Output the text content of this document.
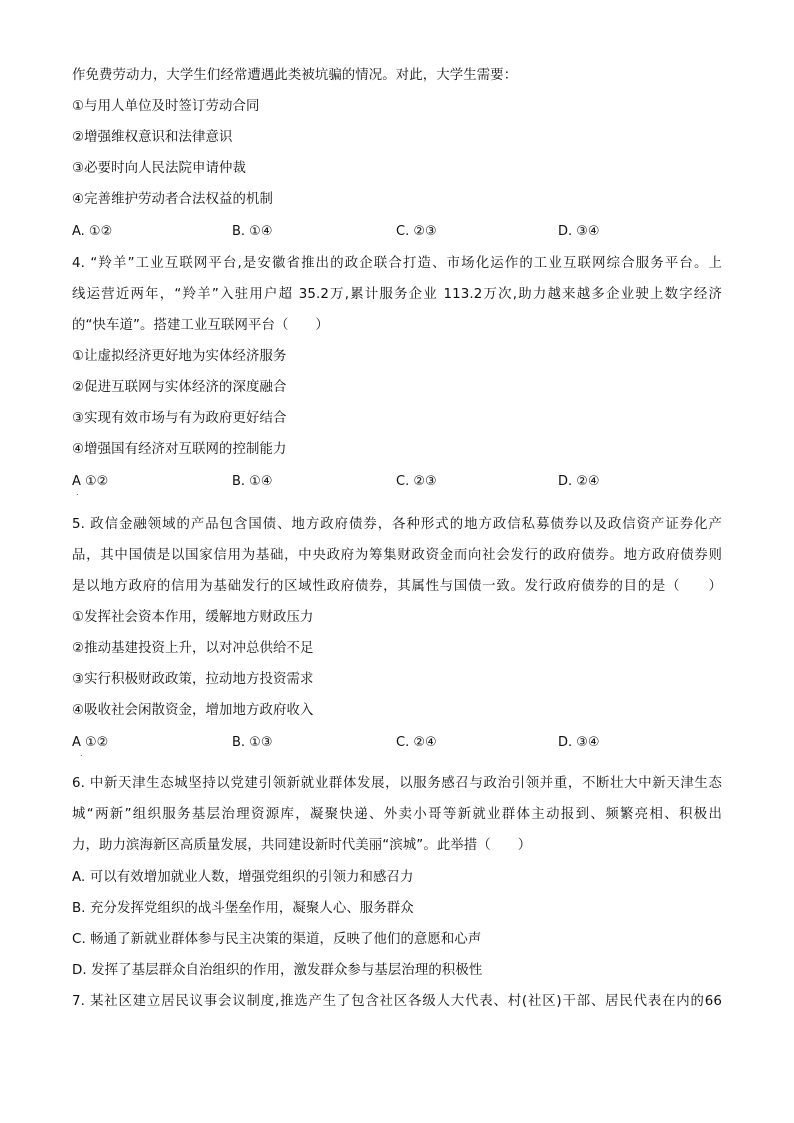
作免费劳动力，大学生们经常遭遇此类被坑骗的情况。对此，大学生需要：
①与用人单位及时签订劳动合同
②增强维权意识和法律意识
③必要时向人民法院申请仲裁
④完善维护劳动者合法权益的机制
A. ①②	B. ①④	C. ②③	D. ③④
4. “羚羊”工业互联网平台,是安徽省推出的政企联合打造、市场化运作的工业互联网综合服务平台。上
线运营近两年，“羚羊”入驻用户超 35.2万,累计服务企业 113.2万次,助力越来越多企业驶上数字经济
的“快车道”。搭建工业互联网平台（　　）
①让虚拟经济更好地为实体经济服务
②促进互联网与实体经济的深度融合
③实现有效市场与有为政府更好结合
④增强国有经济对互联网的控制能力
A ①②	B. ①④	C. ②③	D. ②④
.
5. 政信金融领域的产品包含国债、地方政府债券，各种形式的地方政信私募债券以及政信资产证券化产
品，其中国债是以国家信用为基础，中央政府为筹集财政资金而向社会发行的政府债券。地方政府债券则
是以地方政府的信用为基础发行的区域性政府债券，其属性与国债一致。发行政府债券的目的是（　　）
①发挥社会资本作用，缓解地方财政压力
②推动基建投资上升，以对冲总供给不足
③实行积极财政政策，拉动地方投资需求
④吸收社会闲散资金，增加地方政府收入
A ①②	B. ①③	C. ②④	D. ③④
.
6. 中新天津生态城坚持以党建引领新就业群体发展，以服务感召与政治引领并重，不断壮大中新天津生态
城“两新”组织服务基层治理资源库，凝聚快递、外卖小哥等新就业群体主动报到、频繁亮相、积极出
力，助力滨海新区高质量发展，共同建设新时代美丽“滨城”。此举措（　　）
A. 可以有效增加就业人数，增强党组织的引领力和感召力
B. 充分发挥党组织的战斗堡垒作用，凝聚人心、服务群众
C. 畅通了新就业群体参与民主决策的渠道，反映了他们的意愿和心声
D. 发挥了基层群众自治组织的作用，激发群众参与基层治理的积极性
7. 某社区建立居民议事会议制度,推选产生了包含社区各级人大代表、村(社区)干部、居民代表在内的66
